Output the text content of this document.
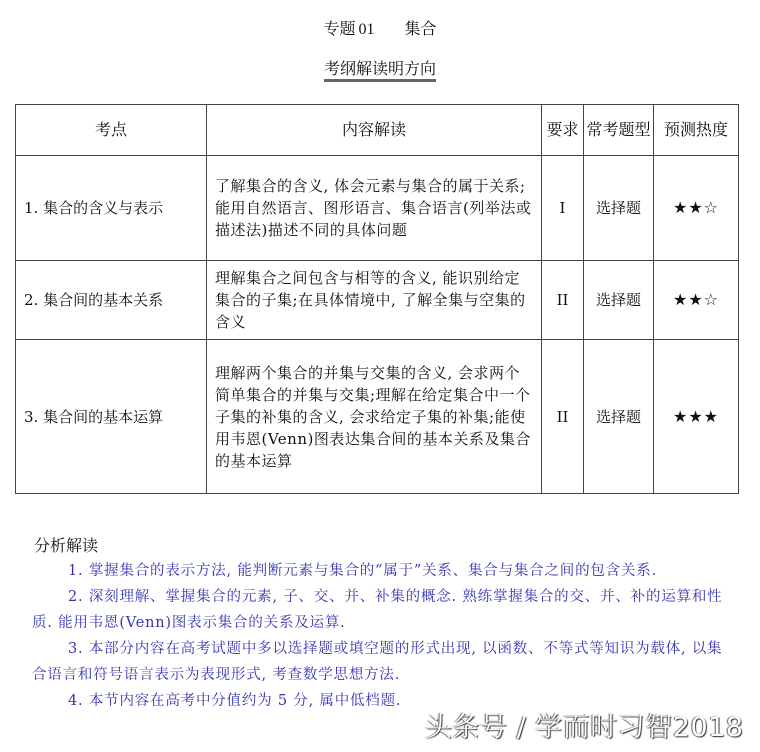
专题 01 集合
考纲解读明方向
考点	内容解读	要求	常考题型	预测热度
1. 集合的含义与表示	了解集合的含义, 体会元素与集合的属于关系;能用自然语言、图形语言、集合语言(列举法或描述法)描述不同的具体问题	I	选择题	★★☆
2. 集合间的基本关系	理解集合之间包含与相等的含义, 能识别给定集合的子集;在具体情境中, 了解全集与空集的含义	II	选择题	★★☆
3. 集合间的基本运算	理解两个集合的并集与交集的含义, 会求两个简单集合的并集与交集;理解在给定集合中一个子集的补集的含义, 会求给定子集的补集;能使用韦恩(Venn)图表达集合间的基本关系及集合的基本运算	II	选择题	★★★
分析解读

1. 掌握集合的表示方法, 能判断元素与集合的“属于”关系、集合与集合之间的包含关系.

2. 深刻理解、掌握集合的元素, 子、交、并、补集的概念. 熟练掌握集合的交、并、补的运算和性质. 能用韦恩(Venn)图表示集合的关系及运算.

3. 本部分内容在高考试题中多以选择题或填空题的形式出现, 以函数、不等式等知识为载体, 以集合语言和符号语言表示为表现形式, 考查数学思想方法.

4. 本节内容在高考中分值约为 5 分, 属中低档题.

头条号 / 学而时习智2018
